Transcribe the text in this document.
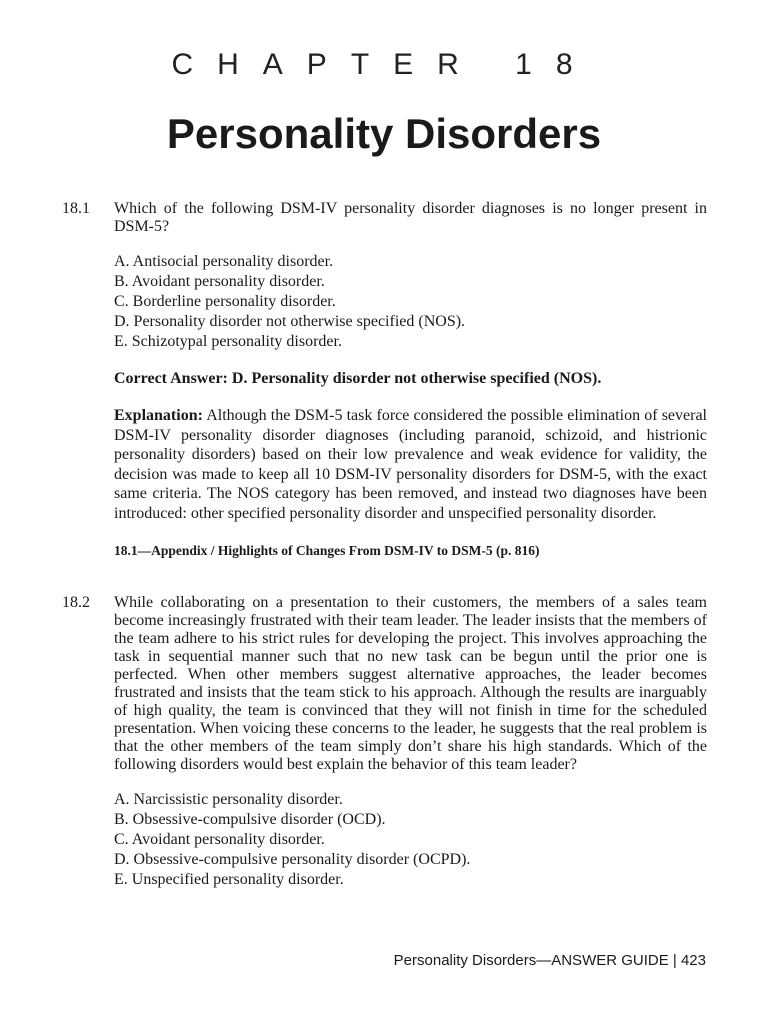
CHAPTER 18
Personality Disorders
18.1	Which of the following DSM-IV personality disorder diagnoses is no longer present in DSM-5?
A. Antisocial personality disorder.
B. Avoidant personality disorder.
C. Borderline personality disorder.
D. Personality disorder not otherwise specified (NOS).
E. Schizotypal personality disorder.
Correct Answer: D. Personality disorder not otherwise specified (NOS).
Explanation: Although the DSM-5 task force considered the possible elimination of several DSM-IV personality disorder diagnoses (including paranoid, schizoid, and histrionic personality disorders) based on their low prevalence and weak evidence for validity, the decision was made to keep all 10 DSM-IV personality disorders for DSM-5, with the exact same criteria. The NOS category has been removed, and instead two diagnoses have been introduced: other specified personality disorder and unspecified personality disorder.
18.1—Appendix / Highlights of Changes From DSM-IV to DSM-5 (p. 816)
18.2	While collaborating on a presentation to their customers, the members of a sales team become increasingly frustrated with their team leader. The leader insists that the members of the team adhere to his strict rules for developing the project. This involves approaching the task in sequential manner such that no new task can be begun until the prior one is perfected. When other members suggest alternative approaches, the leader becomes frustrated and insists that the team stick to his approach. Although the results are inarguably of high quality, the team is convinced that they will not finish in time for the scheduled presentation. When voicing these concerns to the leader, he suggests that the real problem is that the other members of the team simply don’t share his high standards. Which of the following disorders would best explain the behavior of this team leader?
A. Narcissistic personality disorder.
B. Obsessive-compulsive disorder (OCD).
C. Avoidant personality disorder.
D. Obsessive-compulsive personality disorder (OCPD).
E. Unspecified personality disorder.
Personality Disorders—ANSWER GUIDE | 423
